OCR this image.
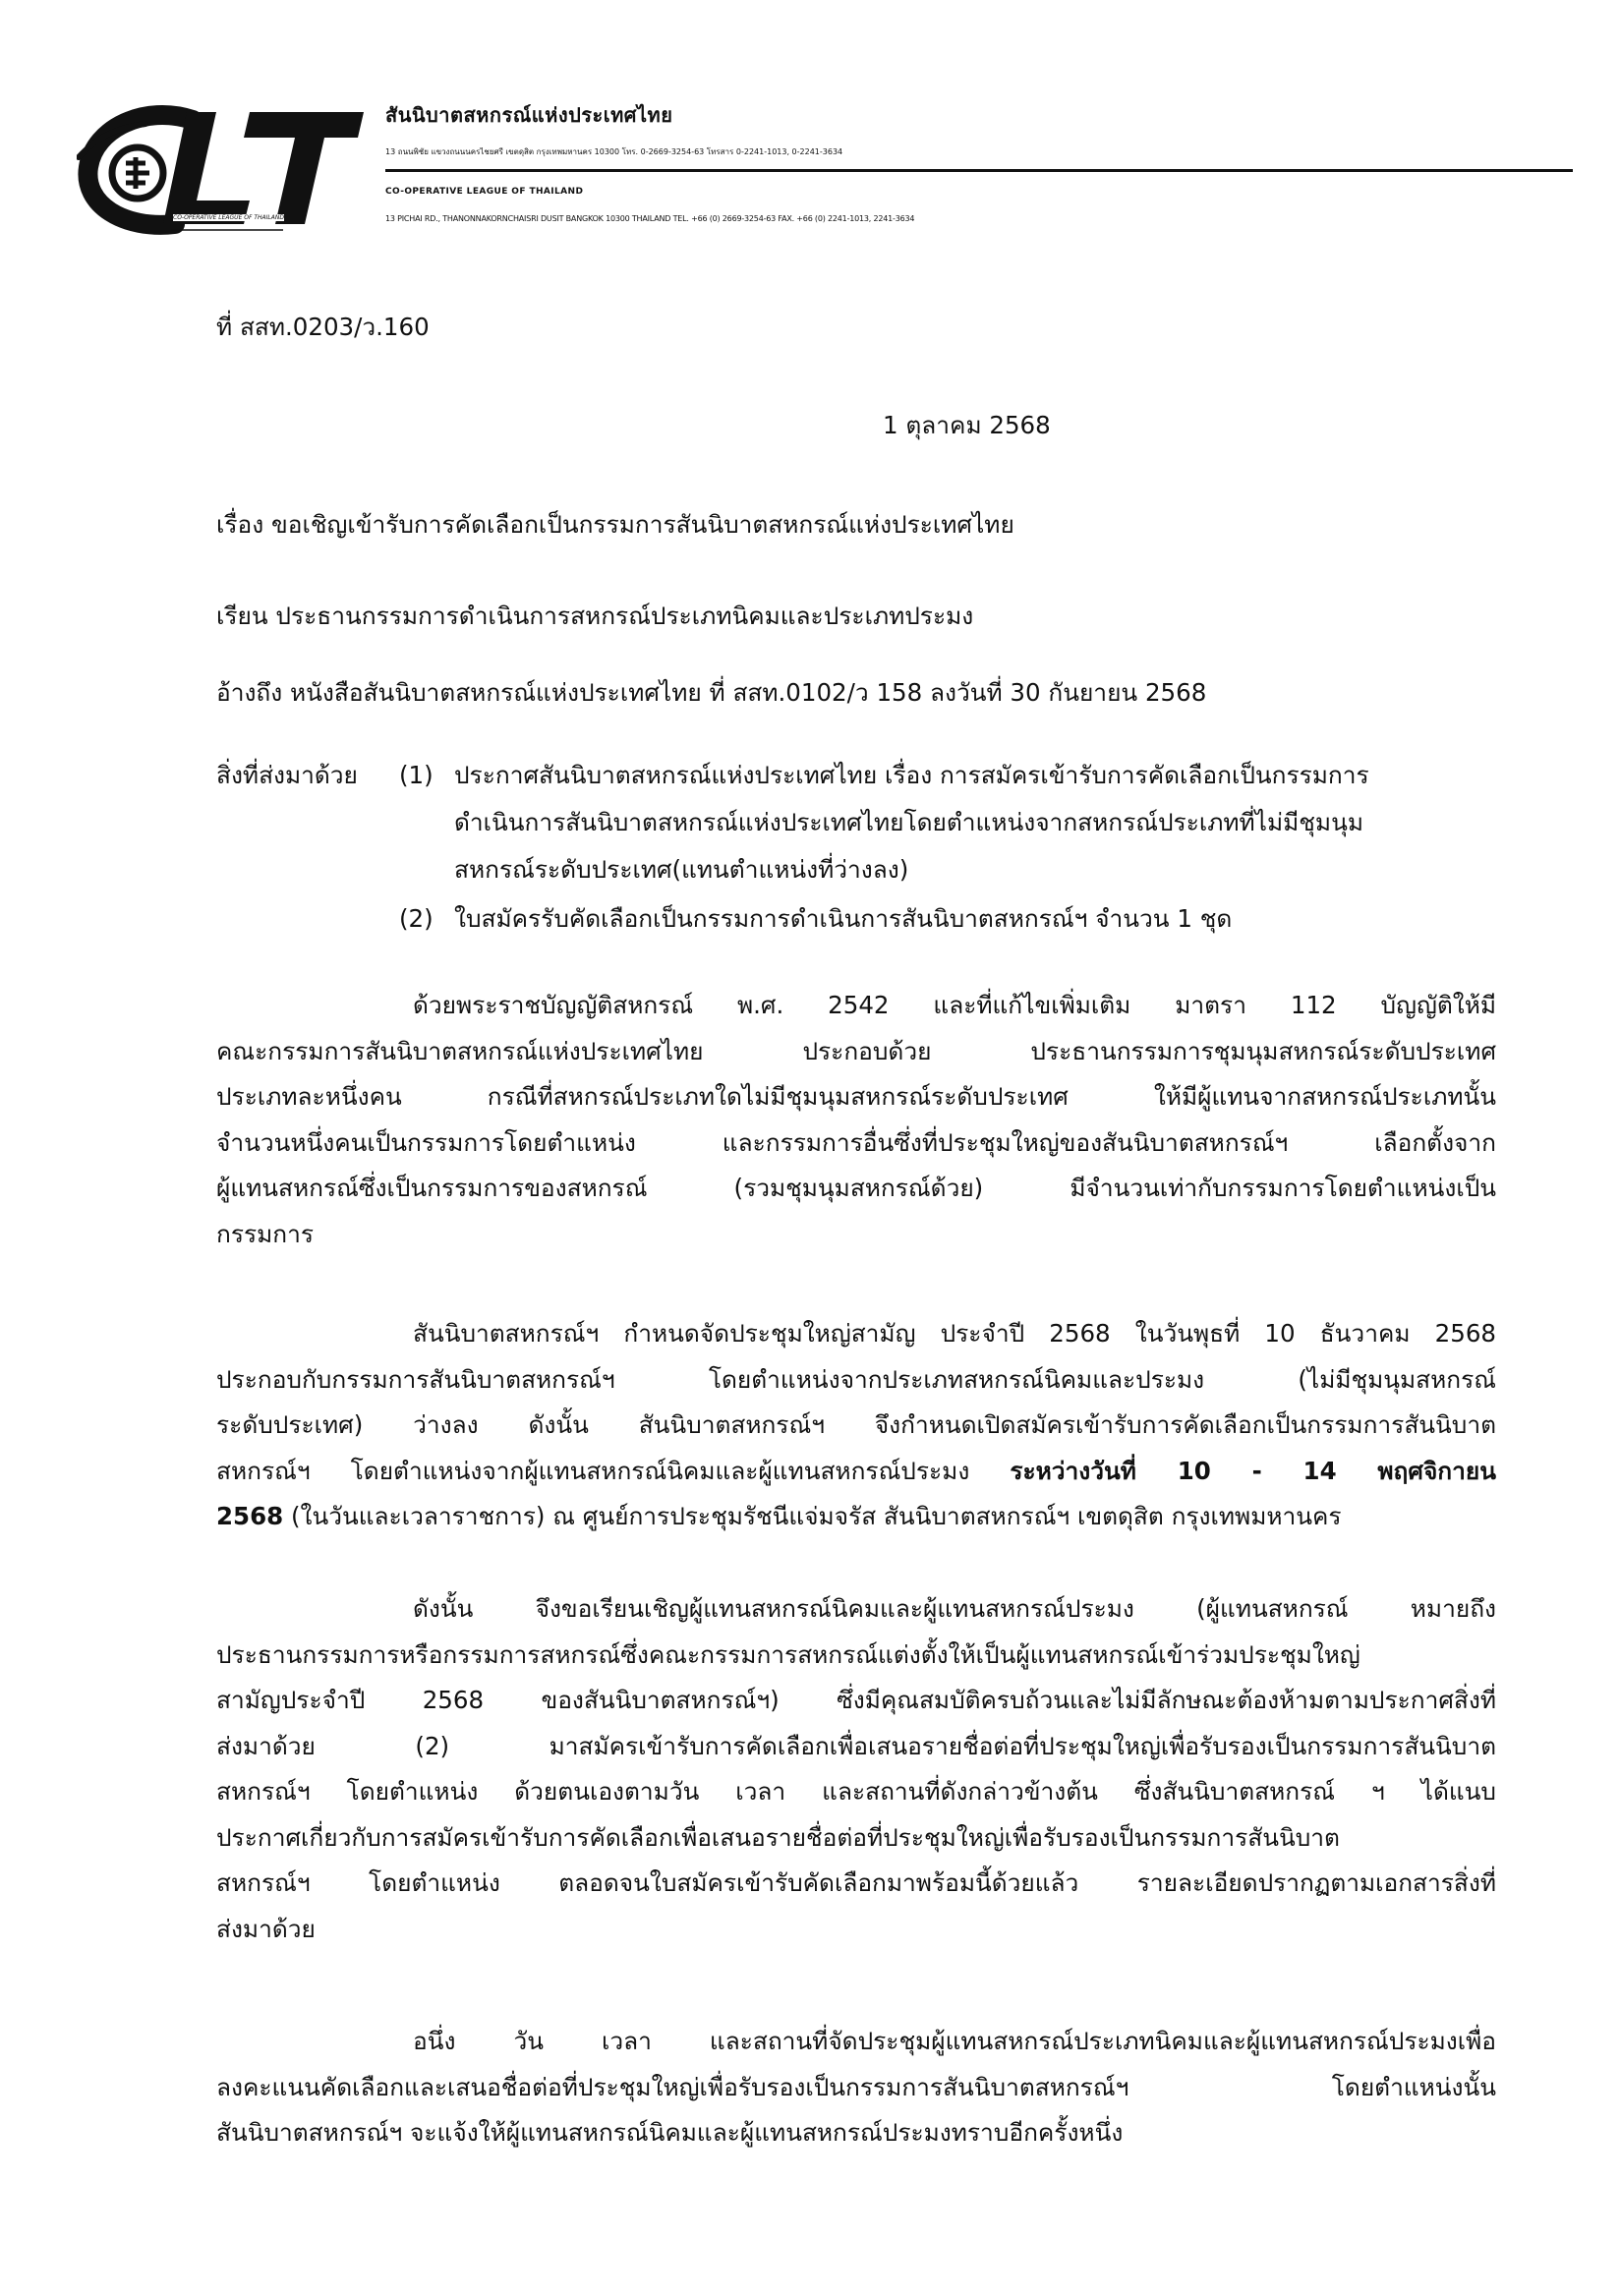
CO-OPERATIVE LEAGUE OF THAILAND
สันนิบาตสหกรณ์แห่งประเทศไทย
13 ถนนพิชัย แขวงถนนนครไชยศรี เขตดุสิต กรุงเทพมหานคร 10300 โทร. 0-2669-3254-63 โทรสาร 0-2241-1013, 0-2241-3634
CO-OPERATIVE LEAGUE OF THAILAND
13 PICHAI RD., THANONNAKORNCHAISRI DUSIT BANGKOK 10300 THAILAND TEL. +66 (0) 2669-3254-63 FAX. +66 (0) 2241-1013, 2241-3634
ที่ สสท.0203/ว.160
1 ตุลาคม 2568
เรื่อง ขอเชิญเข้ารับการคัดเลือกเป็นกรรมการสันนิบาตสหกรณ์แห่งประเทศไทย
เรียน ประธานกรรมการดำเนินการสหกรณ์ประเภทนิคมและประเภทประมง
อ้างถึง หนังสือสันนิบาตสหกรณ์แห่งประเทศไทย ที่ สสท.0102/ว 158 ลงวันที่ 30 กันยายน 2568
สิ่งที่ส่งมาด้วย (1) ประกาศสันนิบาตสหกรณ์แห่งประเทศไทย เรื่อง การสมัครเข้ารับการคัดเลือกเป็นกรรมการ
ดำเนินการสันนิบาตสหกรณ์แห่งประเทศไทยโดยตำแหน่งจากสหกรณ์ประเภทที่ไม่มีชุมนุม
สหกรณ์ระดับประเทศ(แทนตำแหน่งที่ว่างลง)
(2) ใบสมัครรับคัดเลือกเป็นกรรมการดำเนินการสันนิบาตสหกรณ์ฯ จำนวน 1 ชุด
ด้วยพระราชบัญญัติสหกรณ์ พ.ศ. 2542 และที่แก้ไขเพิ่มเติม มาตรา 112 บัญญัติให้มี
คณะกรรมการสันนิบาตสหกรณ์แห่งประเทศไทย ประกอบด้วย ประธานกรรมการชุมนุมสหกรณ์ระดับประเทศ
ประเภทละหนึ่งคน กรณีที่สหกรณ์ประเภทใดไม่มีชุมนุมสหกรณ์ระดับประเทศ ให้มีผู้แทนจากสหกรณ์ประเภทนั้น
จำนวนหนึ่งคนเป็นกรรมการโดยตำแหน่ง และกรรมการอื่นซึ่งที่ประชุมใหญ่ของสันนิบาตสหกรณ์ฯ เลือกตั้งจาก
ผู้แทนสหกรณ์ซึ่งเป็นกรรมการของสหกรณ์ (รวมชุมนุมสหกรณ์ด้วย) มีจำนวนเท่ากับกรรมการโดยตำแหน่งเป็น
กรรมการ
สันนิบาตสหกรณ์ฯ กำหนดจัดประชุมใหญ่สามัญ ประจำปี 2568 ในวันพุธที่ 10 ธันวาคม 2568
ประกอบกับกรรมการสันนิบาตสหกรณ์ฯ โดยตำแหน่งจากประเภทสหกรณ์นิคมและประมง (ไม่มีชุมนุมสหกรณ์
ระดับประเทศ) ว่างลง ดังนั้น สันนิบาตสหกรณ์ฯ จึงกำหนดเปิดสมัครเข้ารับการคัดเลือกเป็นกรรมการสันนิบาต
สหกรณ์ฯ โดยตำแหน่งจากผู้แทนสหกรณ์นิคมและผู้แทนสหกรณ์ประมง ระหว่างวันที่ 10 - 14 พฤศจิกายน
2568 (ในวันและเวลาราชการ) ณ ศูนย์การประชุมรัชนีแจ่มจรัส สันนิบาตสหกรณ์ฯ เขตดุสิต กรุงเทพมหานคร
ดังนั้น จึงขอเรียนเชิญผู้แทนสหกรณ์นิคมและผู้แทนสหกรณ์ประมง (ผู้แทนสหกรณ์ หมายถึง
ประธานกรรมการหรือกรรมการสหกรณ์ซึ่งคณะกรรมการสหกรณ์แต่งตั้งให้เป็นผู้แทนสหกรณ์เข้าร่วมประชุมใหญ่
สามัญประจำปี 2568 ของสันนิบาตสหกรณ์ฯ) ซึ่งมีคุณสมบัติครบถ้วนและไม่มีลักษณะต้องห้ามตามประกาศสิ่งที่
ส่งมาด้วย (2) มาสมัครเข้ารับการคัดเลือกเพื่อเสนอรายชื่อต่อที่ประชุมใหญ่เพื่อรับรองเป็นกรรมการสันนิบาต
สหกรณ์ฯ โดยตำแหน่ง ด้วยตนเองตามวัน เวลา และสถานที่ดังกล่าวข้างต้น ซึ่งสันนิบาตสหกรณ์ ฯ ได้แนบ
ประกาศเกี่ยวกับการสมัครเข้ารับการคัดเลือกเพื่อเสนอรายชื่อต่อที่ประชุมใหญ่เพื่อรับรองเป็นกรรมการสันนิบาต
สหกรณ์ฯ โดยตำแหน่ง ตลอดจนใบสมัครเข้ารับคัดเลือกมาพร้อมนี้ด้วยแล้ว รายละเอียดปรากฏตามเอกสารสิ่งที่
ส่งมาด้วย
อนึ่ง วัน เวลา และสถานที่จัดประชุมผู้แทนสหกรณ์ประเภทนิคมและผู้แทนสหกรณ์ประมงเพื่อ
ลงคะแนนคัดเลือกและเสนอชื่อต่อที่ประชุมใหญ่เพื่อรับรองเป็นกรรมการสันนิบาตสหกรณ์ฯ โดยตำแหน่งนั้น
สันนิบาตสหกรณ์ฯ จะแจ้งให้ผู้แทนสหกรณ์นิคมและผู้แทนสหกรณ์ประมงทราบอีกครั้งหนึ่ง
